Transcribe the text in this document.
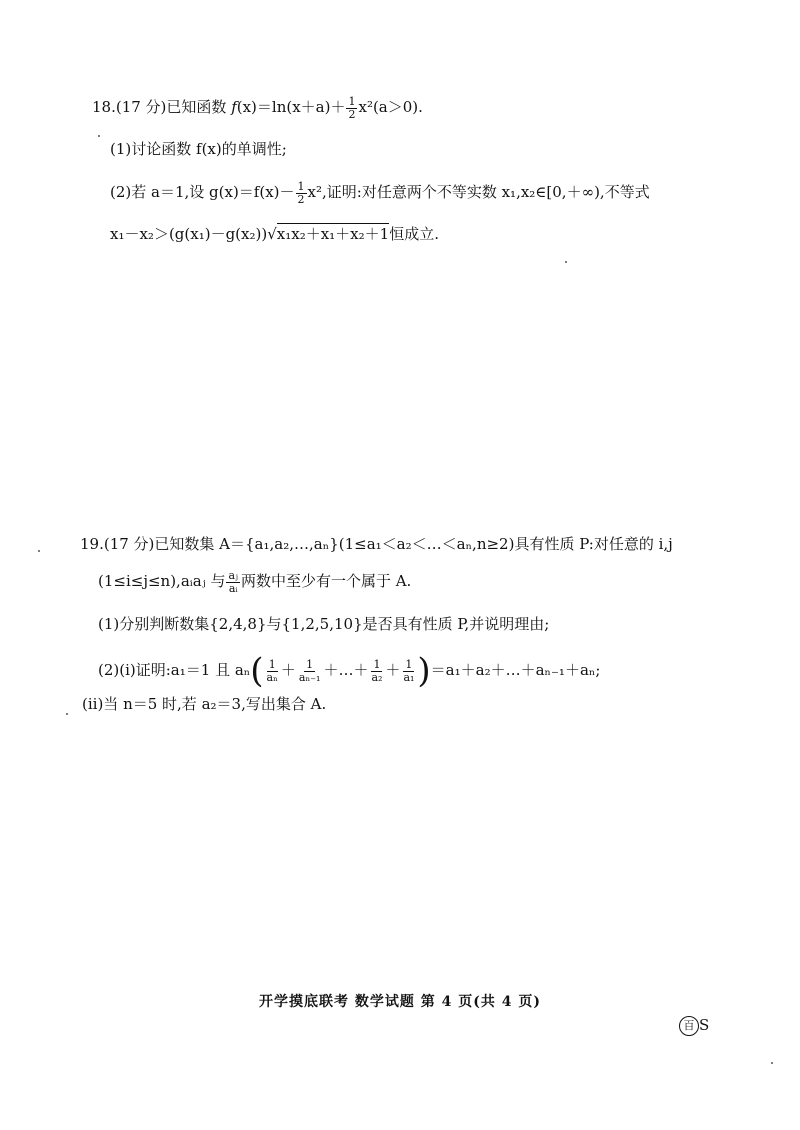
18.(17 分)已知函数 $f(x)=\ln(x+a)+ \frac{1}{2} x^2(a>0)$.
(1)讨论函数 f(x)的单调性;
(2)若 a＝1,设 $g(x)=f(x)- \frac{1}{2} x^2$,证明:对任意两个不等实数 x₁,x₂∈[0,＋∞),不等式
x₁－x₂＞(g(x₁)－g(x₂))√x₁x₂＋x₁＋x₂＋1恒成立.
19.(17 分)已知数集 A＝{a₁,a₂,…,aₙ}(1≤a₁＜a₂＜…＜aₙ,n≥2)具有性质 P:对任意的 i,j
(1≤i≤j≤n),aᵢaⱼ 与 $\frac{\text{aⱼ}}{\text{aᵢ}}$ 两数中至少有一个属于 A.
(1)分别判断数集{2,4,8}与{1,2,5,10}是否具有性质 P,并说明理由;
(2)(ⅰ)证明:a₁＝1 且 $a_n( \frac{1}{\text{aₙ}} + \frac{1}{\text{aₙ₋₁}}$ ＋…＋ $\frac{1}{\text{a₂}} + \frac{1}{\text{a₁}}$ )＝a₁＋a₂＋…＋aₙ₋₁＋aₙ;
(ⅱ)当 n＝5 时,若 a₂＝3,写出集合 A.
开学摸底联考 数学试题 第 4 页(共 4 页)
百 S
